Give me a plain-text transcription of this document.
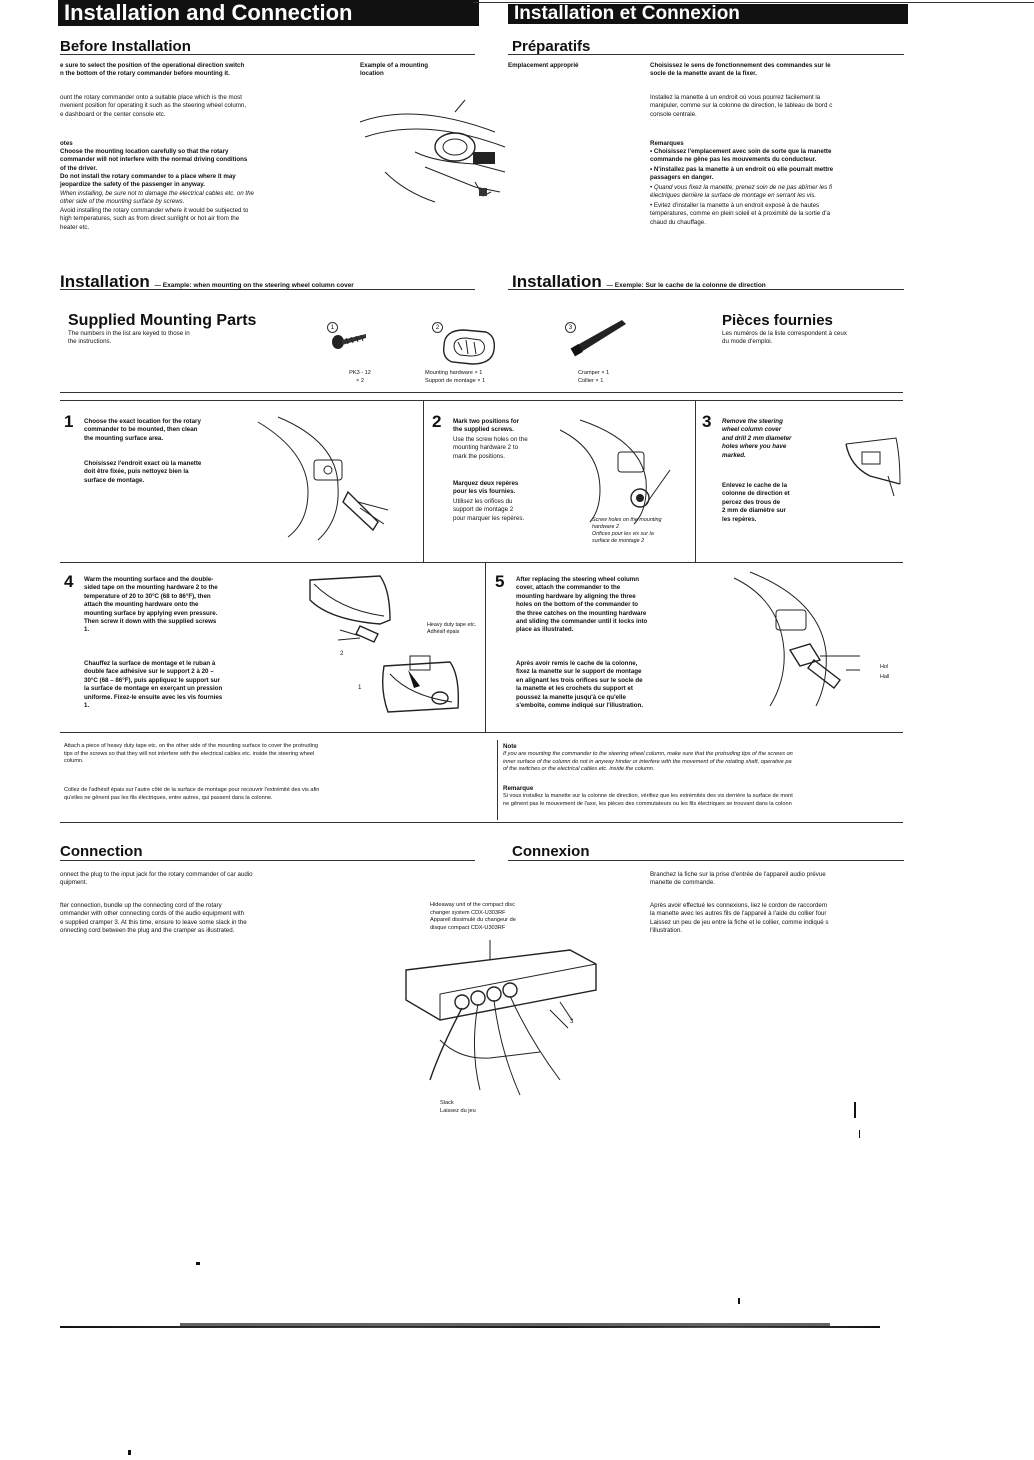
Installation and Connection	Installation et Connexion
Before Installation
e sure to select the position of the operational direction switch
n the bottom of the rotary commander before mounting it.
Example of a mounting
location
ount the rotary commander onto a suitable place which is the most
nvenient position for operating it such as the steering wheel column,
e dashboard or the center console etc.
otes
Choose the mounting location carefully so that the rotary
commander will not interfere with the normal driving conditions
of the driver.
Do not install the rotary commander to a place where it may
jeopardize the safety of the passenger in anyway.
When installing, be sure not to damage the electrical cables etc. on the
other side of the mounting surface by screws.
Avoid installing the rotary commander where it would be subjected to
high temperatures, such as from direct sunlight or hot air from the
heater etc.
Préparatifs
Emplacement approprié	Choisissez le sens de fonctionnement des commandes sur le
socle de la manette avant de la fixer.
Installez la manette à un endroit où vous pourrez facilement la
manipuler, comme sur la colonne de direction, le tableau de bord c
console centrale.
Remarques
• Choisissez l'emplacement avec soin de sorte que la manette
commande ne gêne pas les mouvements du conducteur.
• N'installez pas la manette à un endroit où elle pourrait mettre
passagers en danger.
• Quand vous fixez la manette, prenez soin de ne pas abîmer les fi
électriques derrière la surface de montage en serrant les vis.
• Evitez d'installer la manette à un endroit exposé à de hautes
températures, comme en plein soleil et à proximité de la sortie d'a
chaud du chauffage.
Installation — Example: when mounting on the steering wheel column cover	Installation — Exemple: Sur le cache de la colonne de direction
Supplied Mounting Parts
The numbers in the list are keyed to those in
the instructions.
Pièces fournies
Les numéros de la liste correspondent à ceux
du mode d'emploi.
1
PK3 - 12
× 2
2
Mounting hardware × 1
Support de montage × 1
3
Cramper × 1
Collier × 1
1 Choose the exact location for the rotary
commander to be mounted, then clean
the mounting surface area.
Choisissez l'endroit exact où la manette
doit être fixée, puis nettoyez bien la
surface de montage.
2 Mark two positions for
the supplied screws.
Use the screw holes on the
mounting hardware 2 to
mark the positions.
Marquez deux repères
pour les vis fournies.
Utilisez les orifices du
support de montage 2
pour marquer les repères.	Screw holes on the mounting
hardware 2
Orifices pour les vis sur la
surface de montage 2
3 Remove the steering
wheel column cover
and drill 2 mm diameter
holes where you have
marked.
Enlevez le cache de la
colonne de direction et
percez des trous de
2 mm de diamètre sur
les repères.
4 Warm the mounting surface and the double-
sided tape on the mounting hardware 2 to the
temperature of 20 to 30°C (68 to 86°F), then
attach the mounting hardware onto the
mounting surface by applying even pressure.
Then screw it down with the supplied screws
1.
Chauffez la surface de montage et le ruban à
double face adhésive sur le support 2 à 20 –
30°C (68 – 86°F), puis appliquez le support sur
la surface de montage en exerçant un pression
uniforme. Fixez-le ensuite avec les vis fournies
1.
Heavy duty tape etc.
Adhésif épais
2
1
5 After replacing the steering wheel column
cover, attach the commander to the
mounting hardware by aligning the three
holes on the bottom of the commander to
the three catches on the mounting hardware
and sliding the commander until it locks into
place as illustrated.
Après avoir remis le cache de la colonne,
fixez la manette sur le support de montage
en alignant les trois orifices sur le socle de
la manette et les crochets du support et
poussez la manette jusqu'à ce qu'elle
s'emboîte, comme indiqué sur l'illustration.
Hol
Hall
Attach a piece of heavy duty tape etc. on the other side of the mounting surface to cover the protruding
tips of the screws so that they will not interfere with the electrical cables etc. inside the steering wheel
column.
Collez de l'adhésif épais sur l'autre côté de la surface de montage pour recouvrir l'extrémité des vis afin
qu'elles ne gênent pas les fils électriques, entre autres, qui passent dans la colonne.
Note
If you are mounting the commander to the steering wheel column, make sure that the protruding tips of the screws on
inner surface of the column do not in anyway hinder or interfere with the movement of the rotating shaft, operative pa
of the switches or the electrical cables etc. inside the column.
Remarque
Si vous installez la manette sur la colonne de direction, vérifiez que les extrémités des vis derrière la surface de mont
ne gênent pas le mouvement de l'axe, les pièces des commutateurs ou les fils électriques se trouvant dans la colonn
Connection	Connexion
onnect the plug to the input jack for the rotary commander of car audio
quipment.
fter connection, bundle up the connecting cord of the rotary
ommander with other connecting cords of the audio equipment with
e supplied cramper 3. At this time, ensure to leave some slack in the
onnecting cord between the plug and the cramper as illustrated.
Branchez la fiche sur la prise d'entrée de l'appareil audio prévue
manette de commande.
Après avoir effectué les connexions, liez le cordon de raccordem
la manette avec les autres fils de l'appareil à l'aide du collier four
Laissez un peu de jeu entre la fiche et le collier, comme indiqué s
l'illustration.
Hideaway unit of the compact disc
changer system CDX-U303RF
Appareil dissimulé du changeur de
disque compact CDX-U303RF
3
Slack
Laissez du jeu
